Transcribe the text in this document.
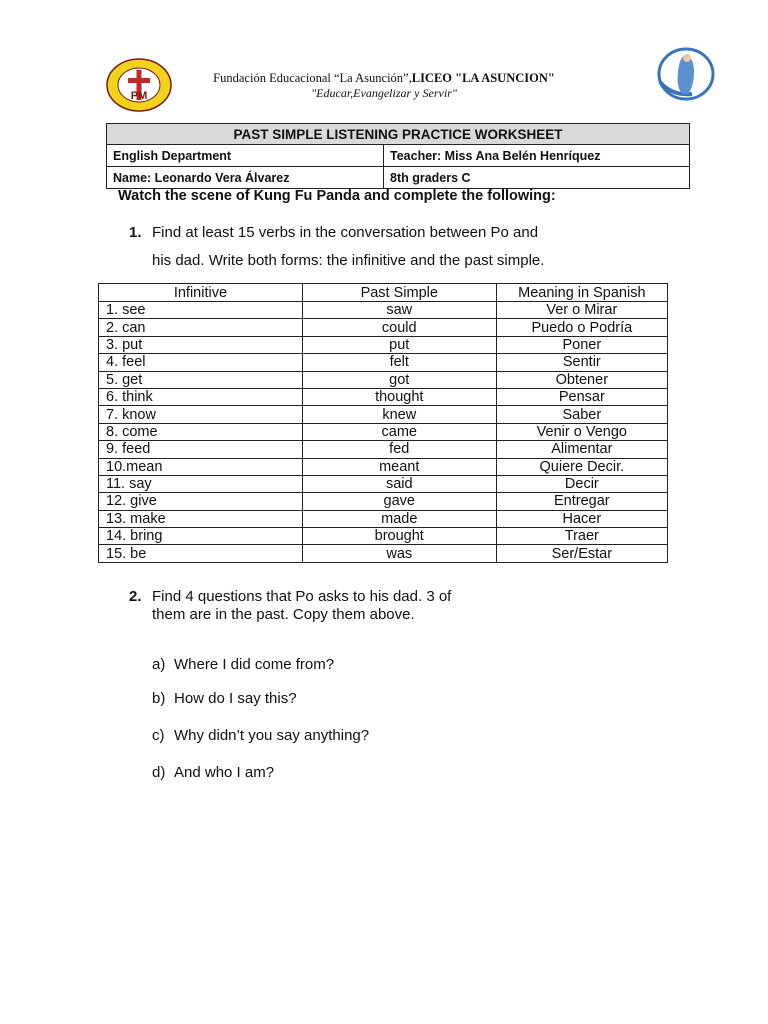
PM
Fundación Educacional “La Asunción”,LICEO "LA ASUNCION"
"Educar,Evangelizar y Servir"
PAST SIMPLE LISTENING PRACTICE WORKSHEET	
English Department	Teacher: Miss Ana Belén Henríquez
Name: Leonardo Vera Álvarez	8th graders C
Watch the scene of Kung Fu Panda and complete the following:
1. Find at least 15 verbs in the conversation between Po and
his dad. Write both forms: the infinitive and the past simple.
Infinitive	Past Simple	Meaning in Spanish
1. see	saw	Ver o Mirar
2. can	could	Puedo o Podría
3. put	put	Poner
4. feel	felt	Sentir
5. get	got	Obtener
6. think	thought	Pensar
7. know	knew	Saber
8. come	came	Venir o Vengo
9. feed	fed	Alimentar
10.mean	meant	Quiere Decir.
11. say	said	Decir
12. give	gave	Entregar
13. make	made	Hacer
14. bring	brought	Traer
15. be	was	Ser/Estar
2. Find 4 questions that Po asks to his dad. 3 of them are in the past. Copy them above.
a) Where I did come from?
b) How do I say this?
c) Why didn’t you say anything?
d) And who I am?
